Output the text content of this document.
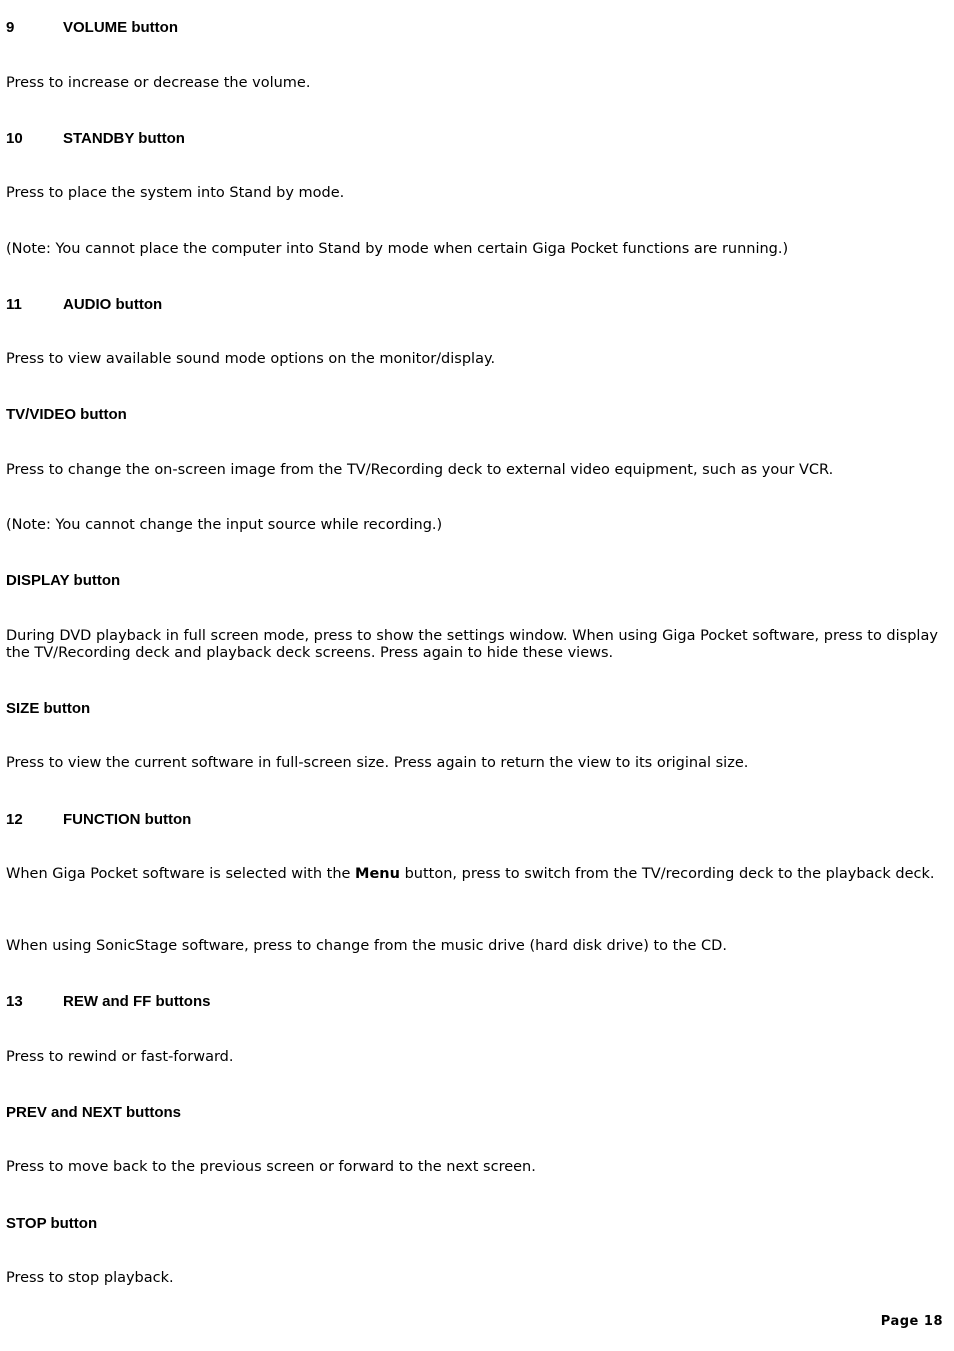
9	VOLUME button

Press to increase or decrease the volume.

10	STANDBY button

Press to place the system into Stand by mode.

(Note: You cannot place the computer into Stand by mode when certain Giga Pocket functions are running.)

11	AUDIO button

Press to view available sound mode options on the monitor/display.

TV/VIDEO button

Press to change the on-screen image from the TV/Recording deck to external video equipment, such as your VCR.

(Note: You cannot change the input source while recording.)

DISPLAY button

During DVD playback in full screen mode, press to show the settings window. When using Giga Pocket software, press to display the TV/Recording deck and playback deck screens. Press again to hide these views.

SIZE button

Press to view the current software in full-screen size. Press again to return the view to its original size.

12	FUNCTION button

When Giga Pocket software is selected with the Menu button, press to switch from the TV/recording deck to the playback deck.

When using SonicStage software, press to change from the music drive (hard disk drive) to the CD.

13	REW and FF buttons

Press to rewind or fast-forward.

PREV and NEXT buttons

Press to move back to the previous screen or forward to the next screen.

STOP button

Press to stop playback.

Page 18
